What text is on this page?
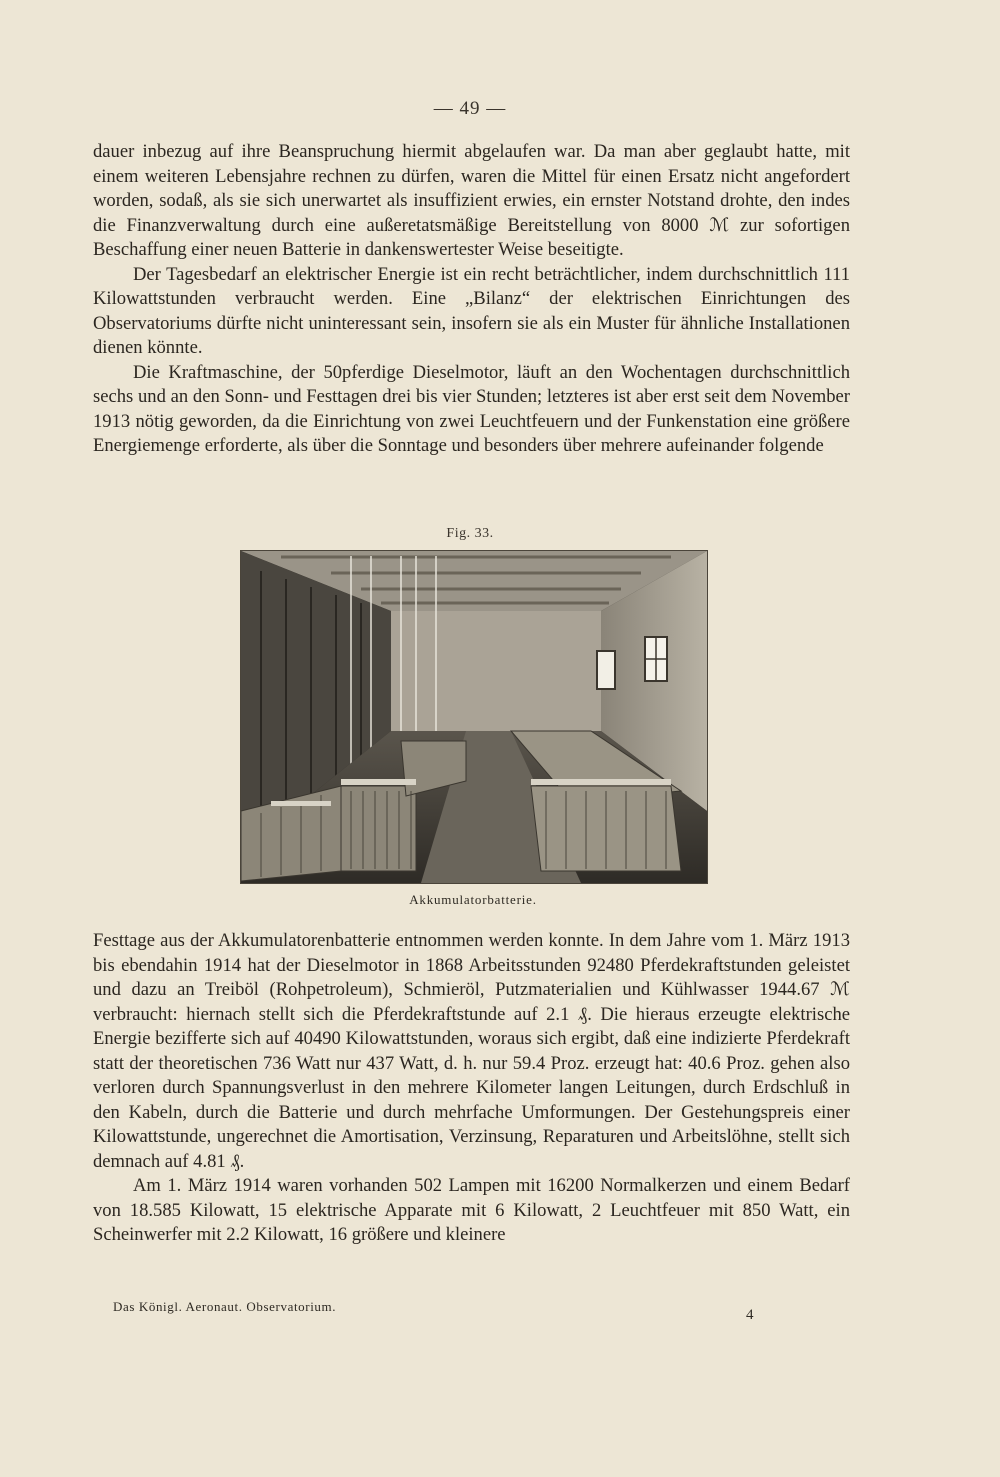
— 49 —

dauer inbezug auf ihre Beanspruchung hiermit abgelaufen war. Da man aber geglaubt hatte, mit einem weiteren Lebensjahre rechnen zu dürfen, waren die Mittel für einen Ersatz nicht angefordert worden, sodaß, als sie sich unerwartet als insuffizient erwies, ein ernster Notstand drohte, den indes die Finanzverwaltung durch eine außeretatsmäßige Bereitstellung von 8000 ℳ zur sofortigen Beschaffung einer neuen Batterie in dankenswertester Weise beseitigte.

Der Tagesbedarf an elektrischer Energie ist ein recht beträchtlicher, indem durchschnittlich 111 Kilowattstunden verbraucht werden. Eine „Bilanz“ der elektrischen Einrichtungen des Observatoriums dürfte nicht uninteressant sein, insofern sie als ein Muster für ähnliche Installationen dienen könnte.

Die Kraftmaschine, der 50pferdige Dieselmotor, läuft an den Wochentagen durchschnittlich sechs und an den Sonn- und Festtagen drei bis vier Stunden; letzteres ist aber erst seit dem November 1913 nötig geworden, da die Einrichtung von zwei Leuchtfeuern und der Funkenstation eine größere Energiemenge erforderte, als über die Sonntage und besonders über mehrere aufeinander folgende

Fig. 33.
Akkumulatorbatterie.

Festtage aus der Akkumulatorenbatterie entnommen werden konnte. In dem Jahre vom 1. März 1913 bis ebendahin 1914 hat der Dieselmotor in 1868 Arbeitsstunden 92480 Pferdekraftstunden geleistet und dazu an Treiböl (Rohpetroleum), Schmieröl, Putzmaterialien und Kühlwasser 1944.67 ℳ verbraucht: hiernach stellt sich die Pferdekraftstunde auf 2.1 ₰. Die hieraus erzeugte elektrische Energie bezifferte sich auf 40490 Kilowattstunden, woraus sich ergibt, daß eine indizierte Pferdekraft statt der theoretischen 736 Watt nur 437 Watt, d. h. nur 59.4 Proz. erzeugt hat: 40.6 Proz. gehen also verloren durch Spannungsverlust in den mehrere Kilometer langen Leitungen, durch Erdschluß in den Kabeln, durch die Batterie und durch mehrfache Umformungen. Der Gestehungspreis einer Kilowattstunde, ungerechnet die Amortisation, Verzinsung, Reparaturen und Arbeitslöhne, stellt sich demnach auf 4.81 ₰.

Am 1. März 1914 waren vorhanden 502 Lampen mit 16200 Normalkerzen und einem Bedarf von 18.585 Kilowatt, 15 elektrische Apparate mit 6 Kilowatt, 2 Leuchtfeuer mit 850 Watt, ein Scheinwerfer mit 2.2 Kilowatt, 16 größere und kleinere

Das Königl. Aeronaut. Observatorium.
4
